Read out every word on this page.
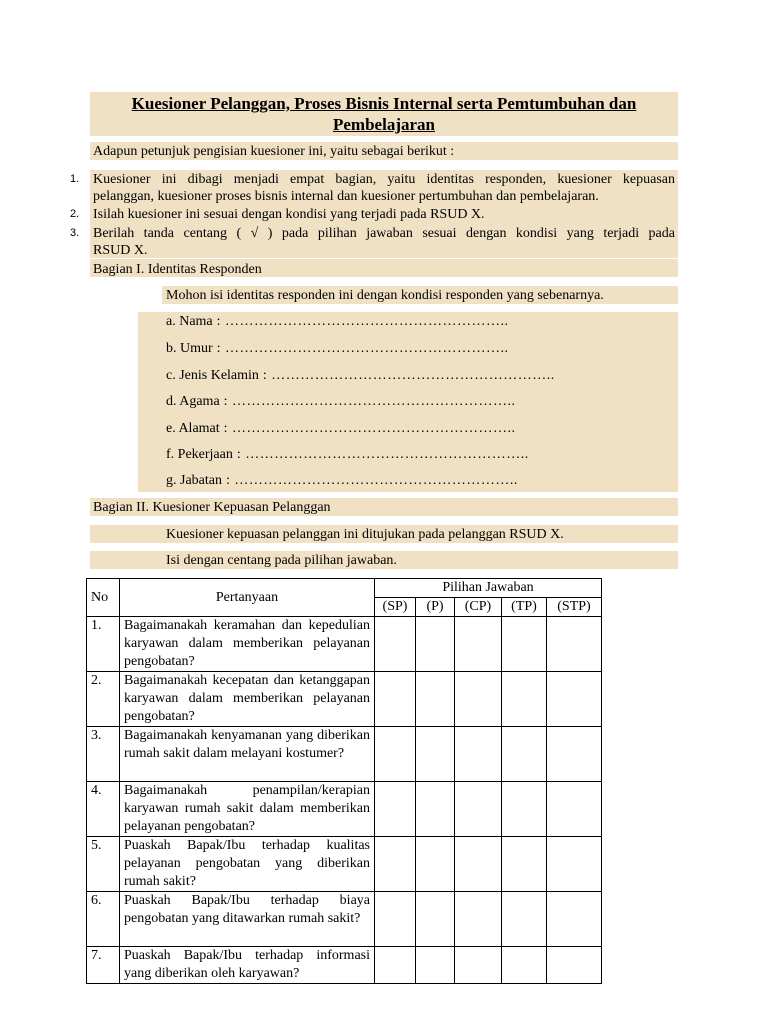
Kuesioner Pelanggan, Proses Bisnis Internal serta Pemtumbuhan dan
Pembelajaran
Adapun petunjuk pengisian kuesioner ini, yaitu sebagai berikut :
1. Kuesioner ini dibagi menjadi empat bagian, yaitu identitas responden, kuesioner kepuasan
pelanggan, kuesioner proses bisnis internal dan kuesioner pertumbuhan dan pembelajaran.
2. Isilah kuesioner ini sesuai dengan kondisi yang terjadi pada RSUD X.
3. Berilah tanda centang ( √ ) pada pilihan jawaban sesuai dengan kondisi yang terjadi pada
RSUD X.
Bagian I. Identitas Responden
Mohon isi identitas responden ini dengan kondisi responden yang sebenarnya.
a. Nama : …………………………………………………..
b. Umur : …………………………………………………..
c. Jenis Kelamin : …………………………………………………..
d. Agama : …………………………………………………..
e. Alamat : …………………………………………………..
f. Pekerjaan : …………………………………………………..
g. Jabatan : …………………………………………………..
Bagian II. Kuesioner Kepuasan Pelanggan
Kuesioner kepuasan pelanggan ini ditujukan pada pelanggan RSUD X.
Isi dengan centang pada pilihan jawaban.
No	Pertanyaan	Pilihan Jawaban				
		(SP)	(P)	(CP)	(TP)	(STP)
1.	Bagaimanakah keramahan dan kepedulian karyawan dalam memberikan pelayanan pengobatan?					
2.	Bagaimanakah kecepatan dan ketanggapan karyawan dalam memberikan pelayanan pengobatan?					
3.	Bagaimanakah kenyamanan yang diberikan rumah sakit dalam melayani kostumer?					
4.	Bagaimanakah penampilan/kerapian karyawan rumah sakit dalam memberikan pelayanan pengobatan?					
5.	Puaskah Bapak/Ibu terhadap kualitas pelayanan pengobatan yang diberikan rumah sakit?					
6.	Puaskah Bapak/Ibu terhadap biaya pengobatan yang ditawarkan rumah sakit?					
7.	Puaskah Bapak/Ibu terhadap informasi yang diberikan oleh karyawan?					
